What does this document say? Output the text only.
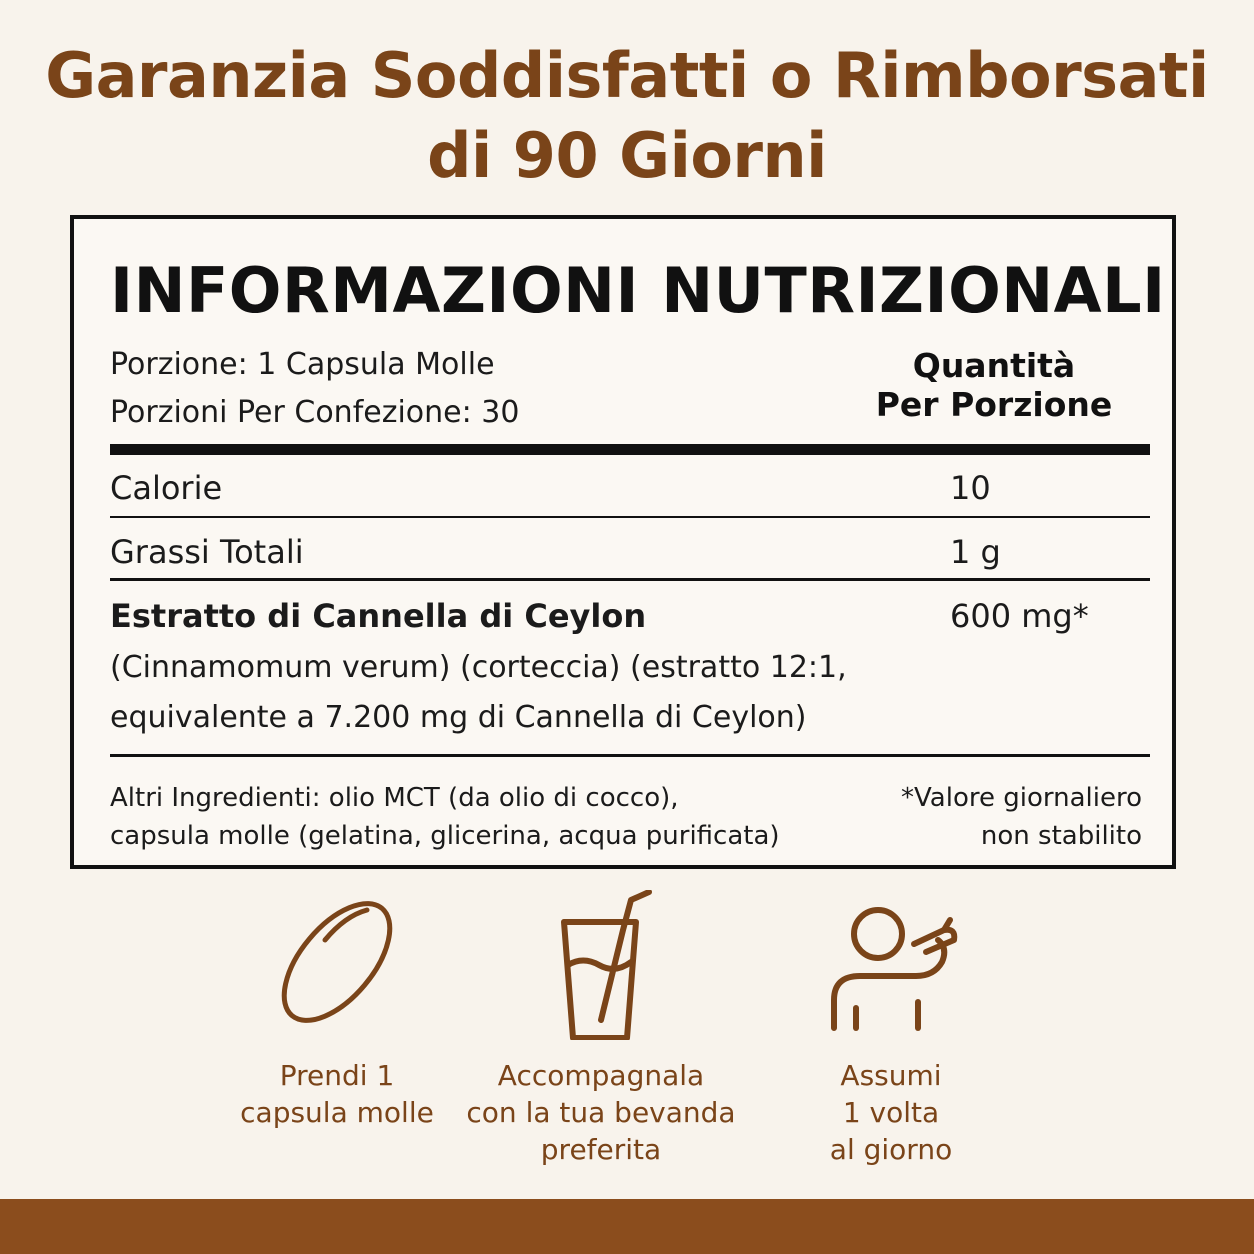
Garanzia Soddisfatti o Rimborsati
di 90 Giorni
INFORMAZIONI NUTRIZIONALI
Porzione: 1 Capsula Molle
Porzioni Per Confezione: 30
Quantità
Per Porzione
Calorie	10
Grassi Totali	1 g
Estratto di Cannella di Ceylon	600 mg*
(Cinnamomum verum) (corteccia) (estratto 12:1,
equivalente a 7.200 mg di Cannella di Ceylon)
Altri Ingredienti: olio MCT (da olio di cocco),
capsula molle (gelatina, glicerina, acqua purificata)
*Valore giornaliero
non stabilito
Prendi 1
capsula molle
Accompagnala
con la tua bevanda
preferita
Assumi
1 volta
al giorno
